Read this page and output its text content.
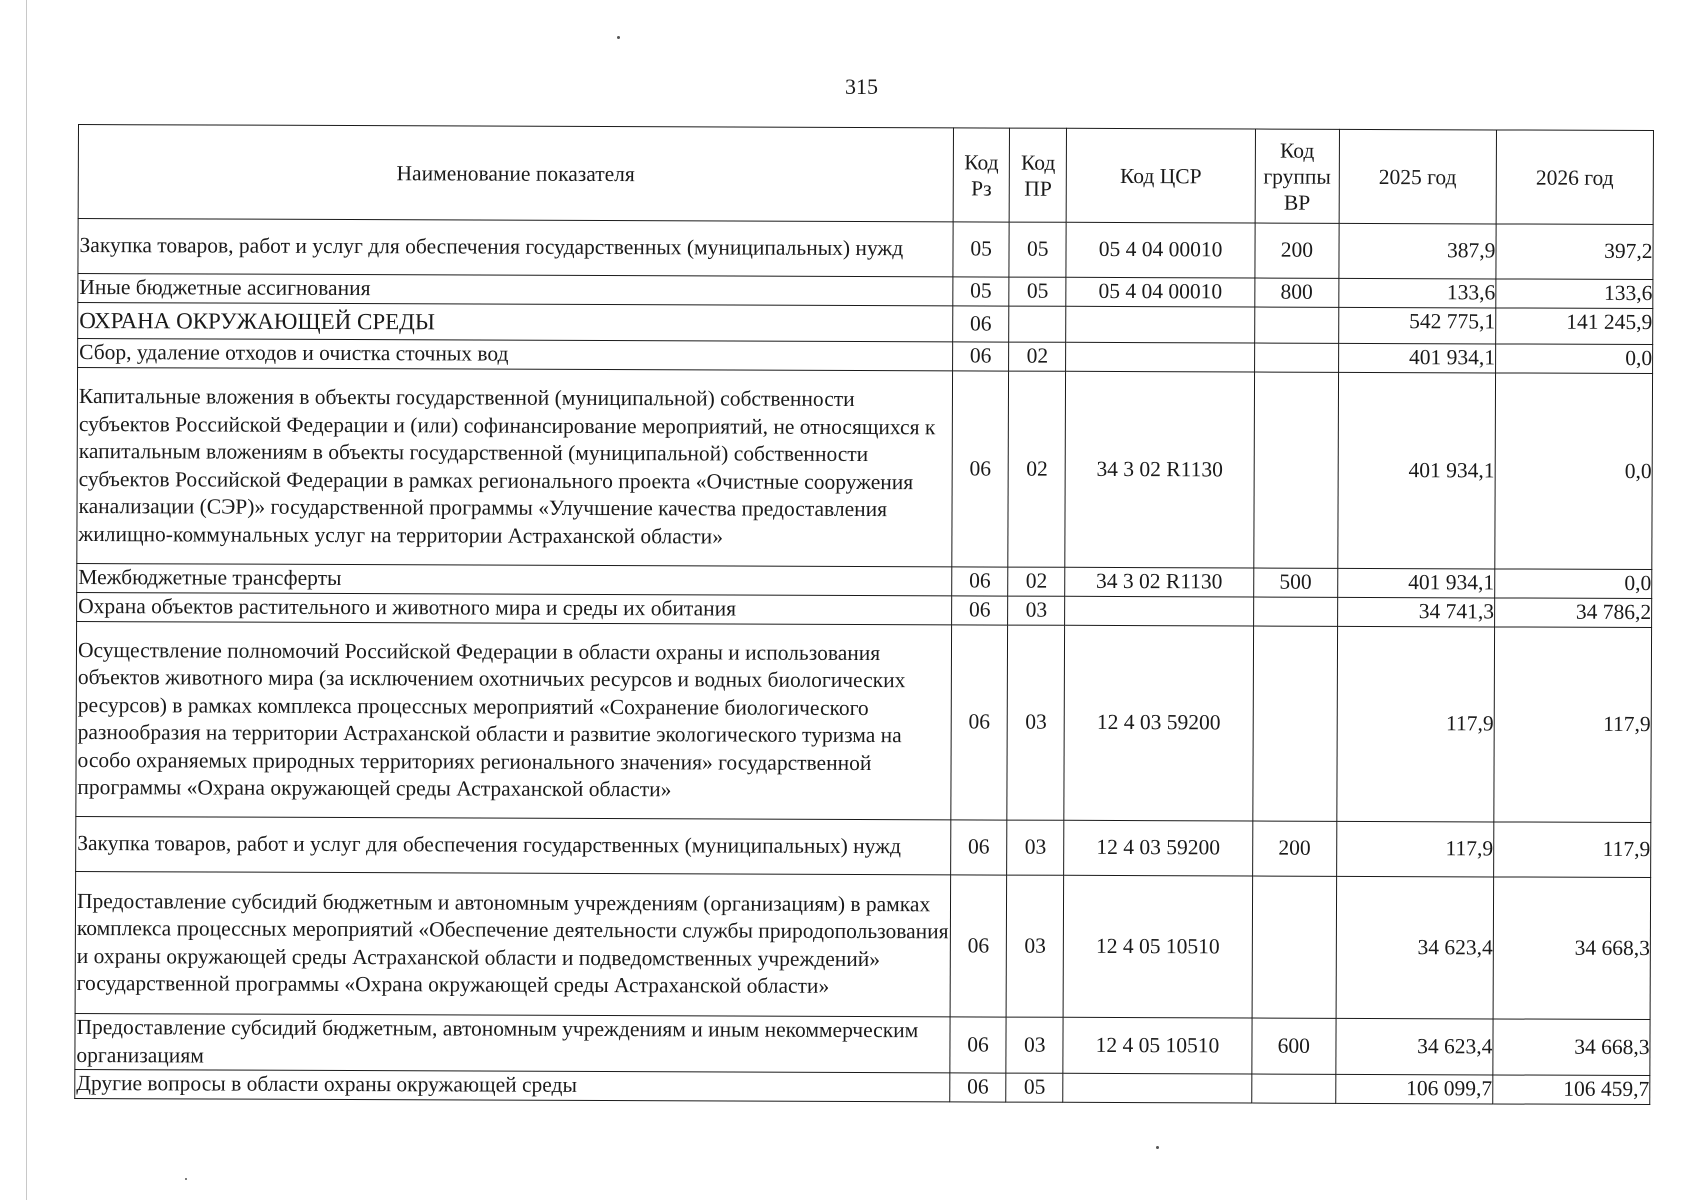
315
Наименование показателя	Код Рз	Код ПР	Код ЦСР	Код группы ВР	2025 год	2026 год
Закупка товаров, работ и услуг для обеспечения государственных (муниципальных) нужд	05	05	05 4 04 00010	200	387,9	397,2
Иные бюджетные ассигнования	05	05	05 4 04 00010	800	133,6	133,6
ОХРАНА ОКРУЖАЮЩЕЙ СРЕДЫ	06				542 775,1	141 245,9
Сбор, удаление отходов и очистка сточных вод	06	02			401 934,1	0,0
Капитальные вложения в объекты государственной (муниципальной) собственности субъектов Российской Федерации и (или) софинансирование мероприятий, не относящихся к капитальным вложениям в объекты государственной (муниципальной) собственности субъектов Российской Федерации в рамках регионального проекта «Очистные сооружения канализации (СЭР)» государственной программы «Улучшение качества предоставления жилищно-коммунальных услуг на территории Астраханской области»	06	02	34 3 02 R1130		401 934,1	0,0
Межбюджетные трансферты	06	02	34 3 02 R1130	500	401 934,1	0,0
Охрана объектов растительного и животного мира и среды их обитания	06	03			34 741,3	34 786,2
Осуществление полномочий Российской Федерации в области охраны и использования объектов животного мира (за исключением охотничьих ресурсов и водных биологических ресурсов) в рамках комплекса процессных мероприятий «Сохранение биологического разнообразия на территории Астраханской области и развитие экологического туризма на особо охраняемых природных территориях регионального значения» государственной программы «Охрана окружающей среды Астраханской области»	06	03	12 4 03 59200		117,9	117,9
Закупка товаров, работ и услуг для обеспечения государственных (муниципальных) нужд	06	03	12 4 03 59200	200	117,9	117,9
Предоставление субсидий бюджетным и автономным учреждениям (организациям) в рамках комплекса процессных мероприятий «Обеспечение деятельности службы природопользования и охраны окружающей среды Астраханской области и подведомственных учреждений» государственной программы «Охрана окружающей среды Астраханской области»	06	03	12 4 05 10510		34 623,4	34 668,3
Предоставление субсидий бюджетным, автономным учреждениям и иным некоммерческим организациям	06	03	12 4 05 10510	600	34 623,4	34 668,3
Другие вопросы в области охраны окружающей среды	06	05			106 099,7	106 459,7
